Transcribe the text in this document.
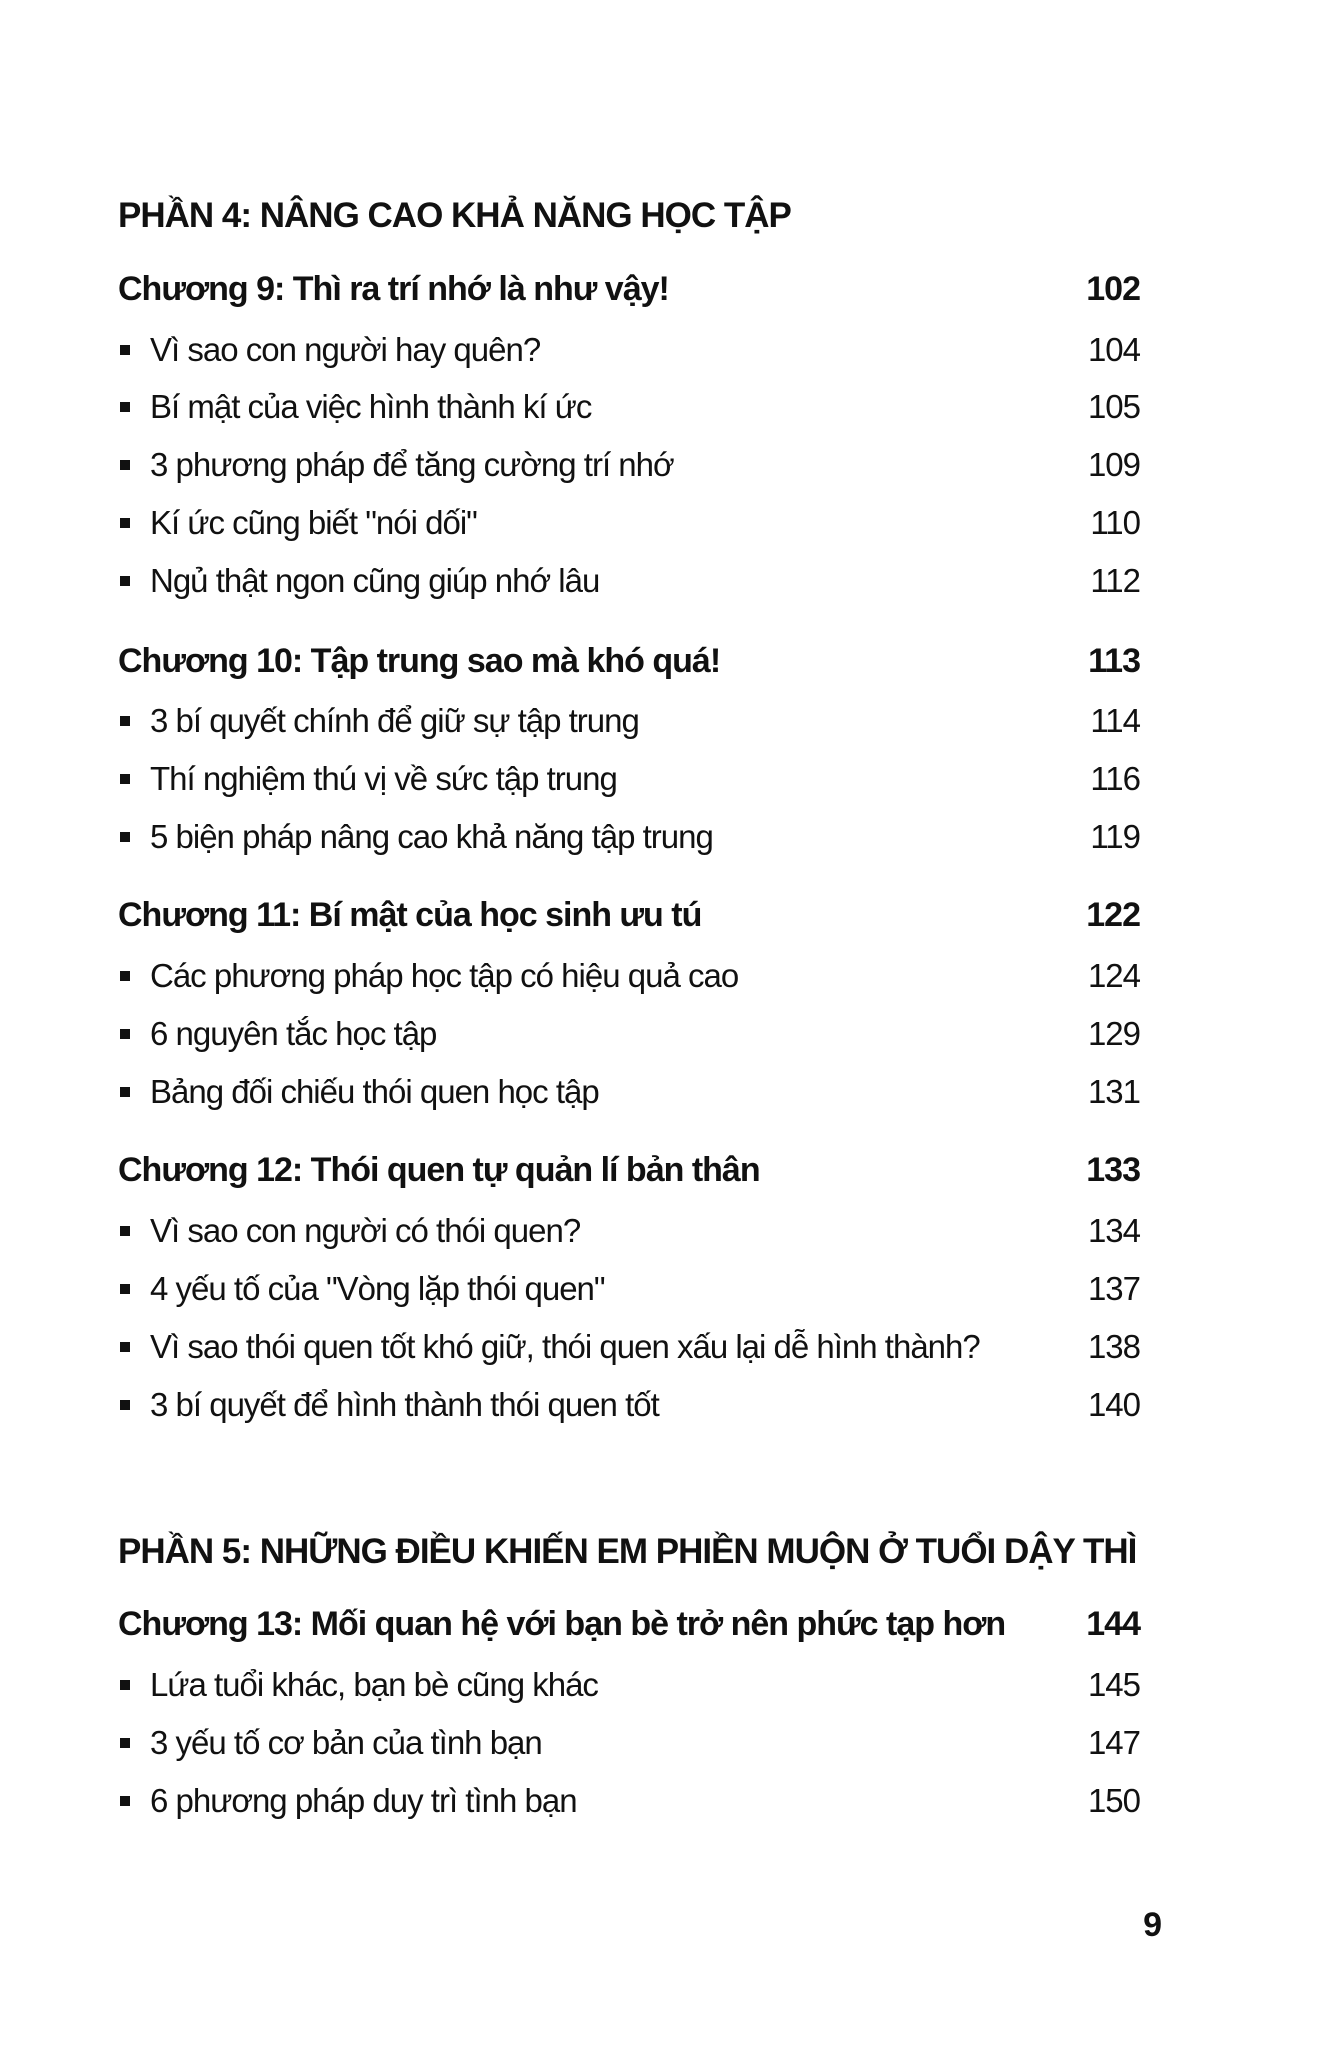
PHẦN 4: NÂNG CAO KHẢ NĂNG HỌC TẬP
Chương 9: Thì ra trí nhớ là như vậy!	102
Vì sao con người hay quên?	104
Bí mật của việc hình thành kí ức	105
3 phương pháp để tăng cường trí nhớ	109
Kí ức cũng biết "nói dối"	110
Ngủ thật ngon cũng giúp nhớ lâu	112
Chương 10: Tập trung sao mà khó quá!	113
3 bí quyết chính để giữ sự tập trung	114
Thí nghiệm thú vị về sức tập trung	116
5 biện pháp nâng cao khả năng tập trung	119
Chương 11: Bí mật của học sinh ưu tú	122
Các phương pháp học tập có hiệu quả cao	124
6 nguyên tắc học tập	129
Bảng đối chiếu thói quen học tập	131
Chương 12: Thói quen tự quản lí bản thân	133
Vì sao con người có thói quen?	134
4 yếu tố của "Vòng lặp thói quen"	137
Vì sao thói quen tốt khó giữ, thói quen xấu lại dễ hình thành?	138
3 bí quyết để hình thành thói quen tốt	140
PHẦN 5: NHỮNG ĐIỀU KHIẾN EM PHIỀN MUỘN Ở TUỔI DẬY THÌ
Chương 13: Mối quan hệ với bạn bè trở nên phức tạp hơn	144
Lứa tuổi khác, bạn bè cũng khác	145
3 yếu tố cơ bản của tình bạn	147
6 phương pháp duy trì tình bạn	150
9
